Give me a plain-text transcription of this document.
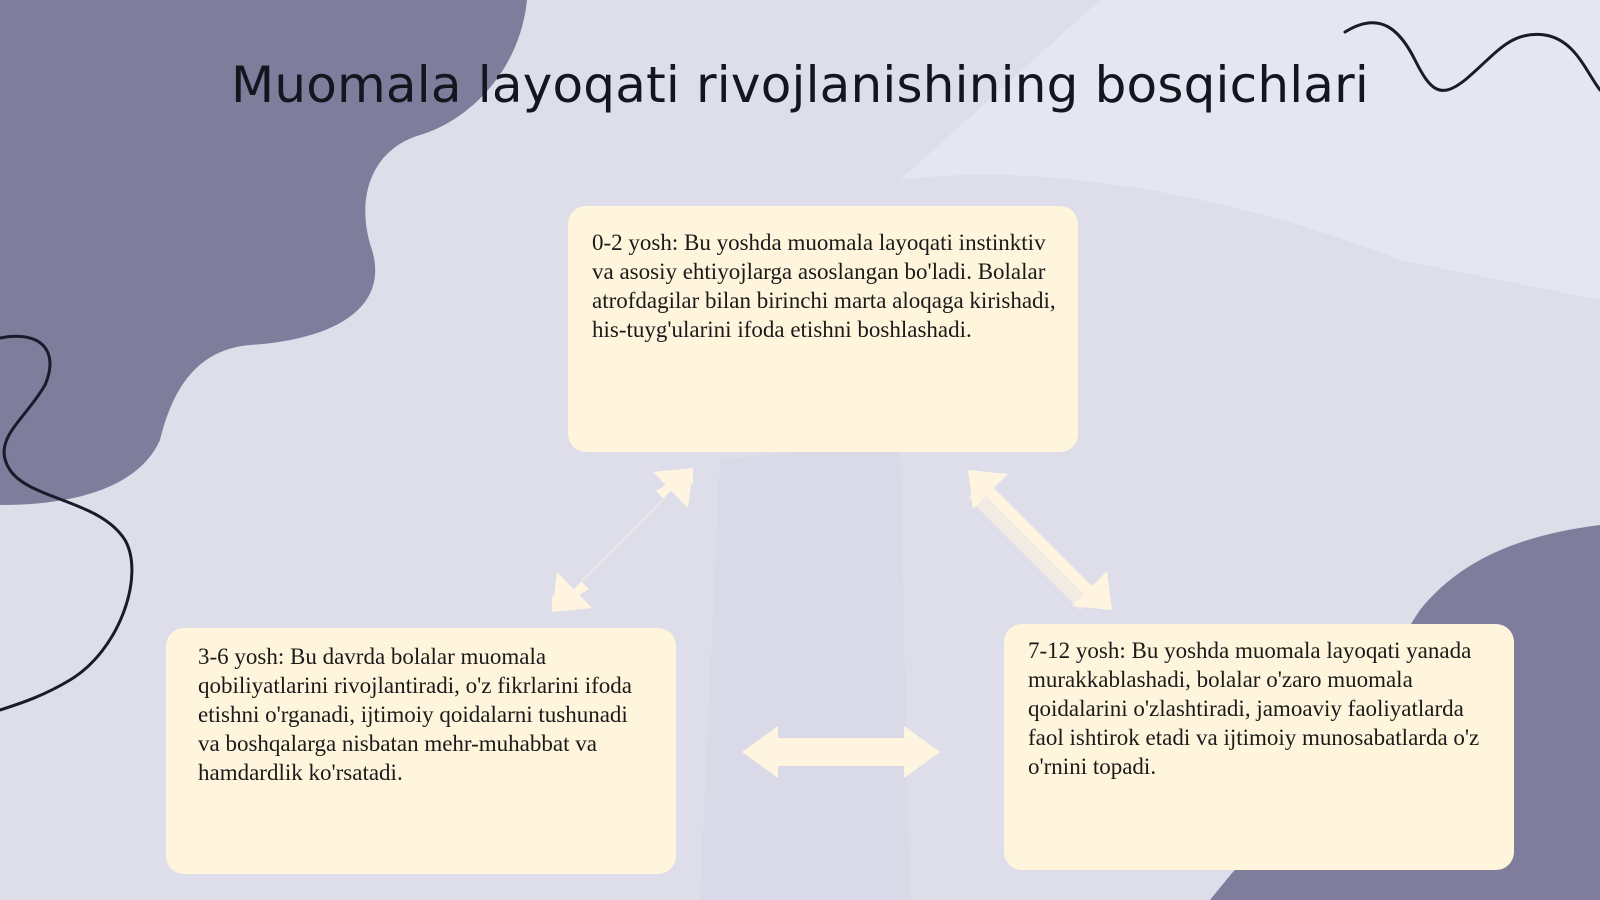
Muomala layoqati rivojlanishining bosqichlari
0-2 yosh: Bu yoshda muomala layoqati instinktiv va asosiy ehtiyojlarga asoslangan bo'ladi. Bolalar atrofdagilar bilan birinchi marta aloqaga kirishadi, his-tuyg'ularini ifoda etishni boshlashadi.
3-6 yosh: Bu davrda bolalar muomala qobiliyatlarini rivojlantiradi, o'z fikrlarini ifoda etishni o'rganadi, ijtimoiy qoidalarni tushunadi va boshqalarga nisbatan mehr-muhabbat va hamdardlik ko'rsatadi.
7-12 yosh: Bu yoshda muomala layoqati yanada murakkablashadi, bolalar o'zaro muomala qoidalarini o'zlashtiradi, jamoaviy faoliyatlarda faol ishtirok etadi va ijtimoiy munosabatlarda o'z o'rnini topadi.
